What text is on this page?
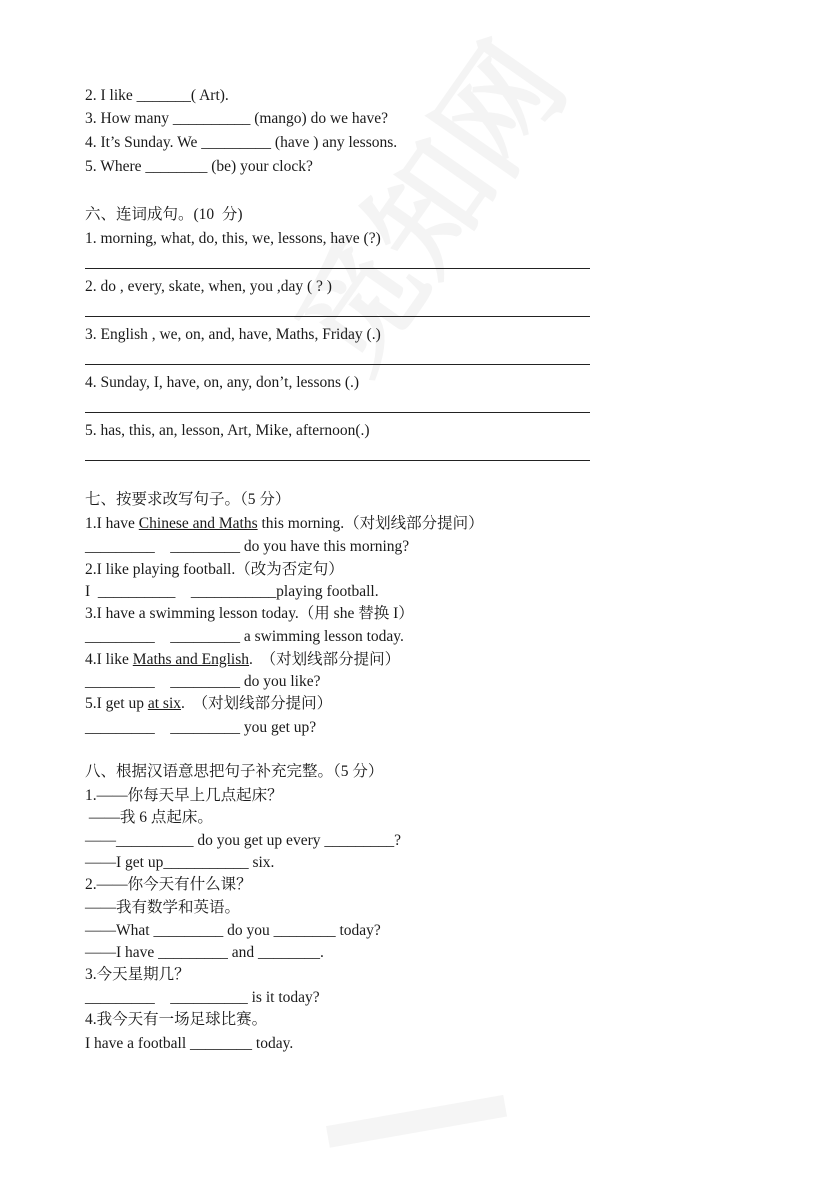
2. I like _______( Art).
3. How many __________ (mango) do we have?
4. It’s Sunday. We _________ (have ) any lessons.
5. Where ________ (be) your clock?
六、连词成句。(10  分)
1. morning, what, do, this, we, lessons, have (?)
2. do , every, skate, when, you ,day ( ? )
3. English , we, on, and, have, Maths, Friday (.)
4. Sunday, I, have, on, any, don’t, lessons (.)
5. has, this, an, lesson, Art, Mike, afternoon(.)
七、按要求改写句子。（5 分）
1.I have Chinese and Maths this morning.（对划线部分提问）
_________    _________ do you have this morning?
2.I like playing football.（改为否定句）
I  __________    ___________playing football.
3.I have a swimming lesson today.（用 she 替换 I）
_________    _________ a swimming lesson today.
4.I like Maths and English.  （对划线部分提问）
_________    _________ do you like?
5.I get up at six.  （对划线部分提问）
_________    _________ you get up?
八、根据汉语意思把句子补充完整。（5 分）
1.——你每天早上几点起床？
——我 6 点起床。
——__________ do you get up every _________?
——I get up___________ six.
2.——你今天有什么课？
——我有数学和英语。
——What _________ do you ________ today?
——I have _________ and ________.
3.今天星期几？
_________    __________ is it today?
4.我今天有一场足球比赛。
I have a football ________ today.
